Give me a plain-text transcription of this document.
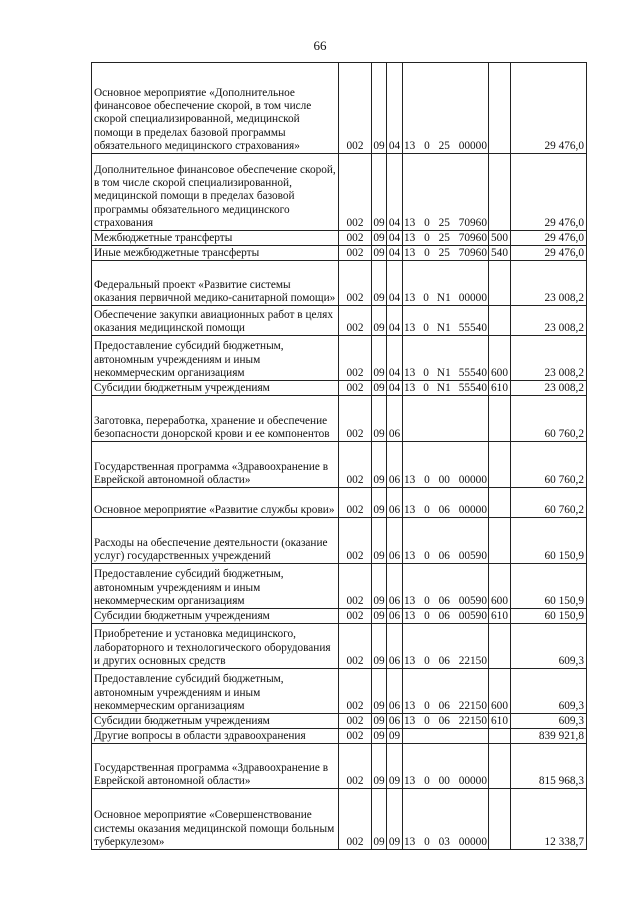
66
Основное мероприятие «Дополнительное финансовое обеспечение скорой, в том числе скорой специализированной, медицинской помощи в пределах базовой программы обязательного медицинского страхования»	002	09	04	13 0 25 00000		29 476,0
Дополнительное финансовое обеспечение скорой, в том числе скорой специализированной, медицинской помощи в пределах базовой программы обязательного медицинского страхования	002	09	04	13 0 25 70960		29 476,0
Межбюджетные трансферты	002	09	04	13 0 25 70960	500	29 476,0
Иные межбюджетные трансферты	002	09	04	13 0 25 70960	540	29 476,0
Федеральный проект «Развитие системы оказания первичной медико-санитарной помощи»	002	09	04	13 0 N1 00000		23 008,2
Обеспечение закупки авиационных работ в целях оказания медицинской помощи	002	09	04	13 0 N1 55540		23 008,2
Предоставление субсидий бюджетным, автономным учреждениям и иным некоммерческим организациям	002	09	04	13 0 N1 55540	600	23 008,2
Субсидии бюджетным учреждениям	002	09	04	13 0 N1 55540	610	23 008,2
Заготовка, переработка, хранение и обеспечение безопасности донорской крови и ее компонентов	002	09	06			60 760,2
Государственная программа «Здравоохранение в Еврейской автономной области»	002	09	06	13 0 00 00000		60 760,2
Основное мероприятие «Развитие службы крови»	002	09	06	13 0 06 00000		60 760,2
Расходы на обеспечение деятельности (оказание услуг) государственных учреждений	002	09	06	13 0 06 00590		60 150,9
Предоставление субсидий бюджетным, автономным учреждениям и иным некоммерческим организациям	002	09	06	13 0 06 00590	600	60 150,9
Субсидии бюджетным учреждениям	002	09	06	13 0 06 00590	610	60 150,9
Приобретение и установка медицинского, лабораторного и технологического оборудования и других основных средств	002	09	06	13 0 06 22150		609,3
Предоставление субсидий бюджетным, автономным учреждениям и иным некоммерческим организациям	002	09	06	13 0 06 22150	600	609,3
Субсидии бюджетным учреждениям	002	09	06	13 0 06 22150	610	609,3
Другие вопросы в области здравоохранения	002	09	09			839 921,8
Государственная программа «Здравоохранение в Еврейской автономной области»	002	09	09	13 0 00 00000		815 968,3
Основное мероприятие «Совершенствование системы оказания медицинской помощи больным туберкулезом»	002	09	09	13 0 03 00000		12 338,7
